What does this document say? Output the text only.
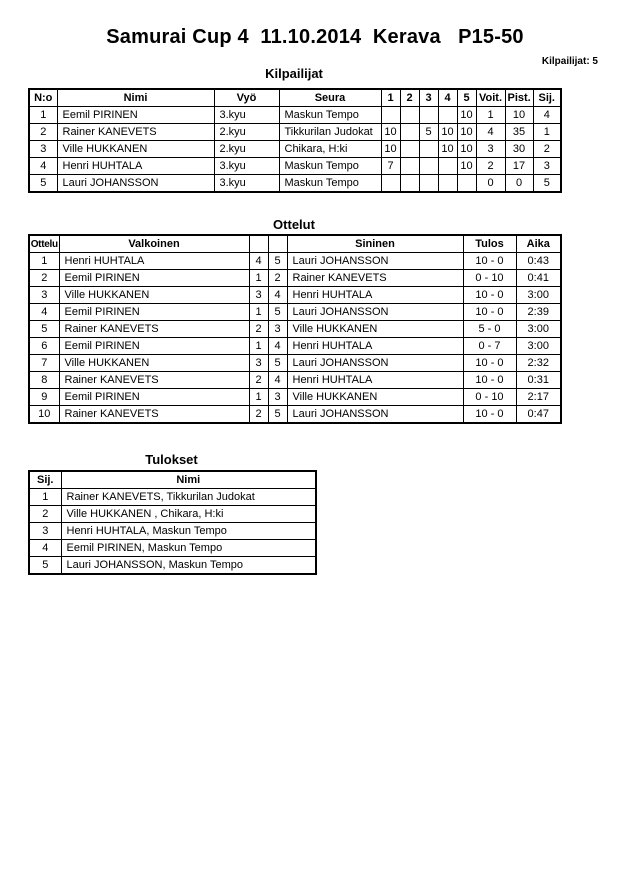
Samurai Cup 4  11.10.2014  Kerava   P15-50
Kilpailijat: 5
Kilpailijat
N:o	Nimi	Vyö	Seura	1	2	3	4	5	Voit.	Pist.	Sij.
1	Eemil PIRINEN	3.kyu	Maskun Tempo					10	1	10	4
2	Rainer KANEVETS	2.kyu	Tikkurilan Judokat	10		5	10	10	4	35	1
3	Ville HUKKANEN	2.kyu	Chikara, H:ki	10			10	10	3	30	2
4	Henri HUHTALA	3.kyu	Maskun Tempo	7				10	2	17	3
5	Lauri JOHANSSON	3.kyu	Maskun Tempo						0	0	5
Ottelut
Ottelu	Valkoinen			Sininen	Tulos	Aika
1	Henri HUHTALA	4	5	Lauri JOHANSSON	10 - 0	0:43
2	Eemil PIRINEN	1	2	Rainer KANEVETS	0 - 10	0:41
3	Ville HUKKANEN	3	4	Henri HUHTALA	10 - 0	3:00
4	Eemil PIRINEN	1	5	Lauri JOHANSSON	10 - 0	2:39
5	Rainer KANEVETS	2	3	Ville HUKKANEN	5 - 0	3:00
6	Eemil PIRINEN	1	4	Henri HUHTALA	0 - 7	3:00
7	Ville HUKKANEN	3	5	Lauri JOHANSSON	10 - 0	2:32
8	Rainer KANEVETS	2	4	Henri HUHTALA	10 - 0	0:31
9	Eemil PIRINEN	1	3	Ville HUKKANEN	0 - 10	2:17
10	Rainer KANEVETS	2	5	Lauri JOHANSSON	10 - 0	0:47
Tulokset
Sij.	Nimi
1	Rainer KANEVETS, Tikkurilan Judokat
2	Ville HUKKANEN , Chikara, H:ki
3	Henri HUHTALA, Maskun Tempo
4	Eemil PIRINEN, Maskun Tempo
5	Lauri JOHANSSON, Maskun Tempo
